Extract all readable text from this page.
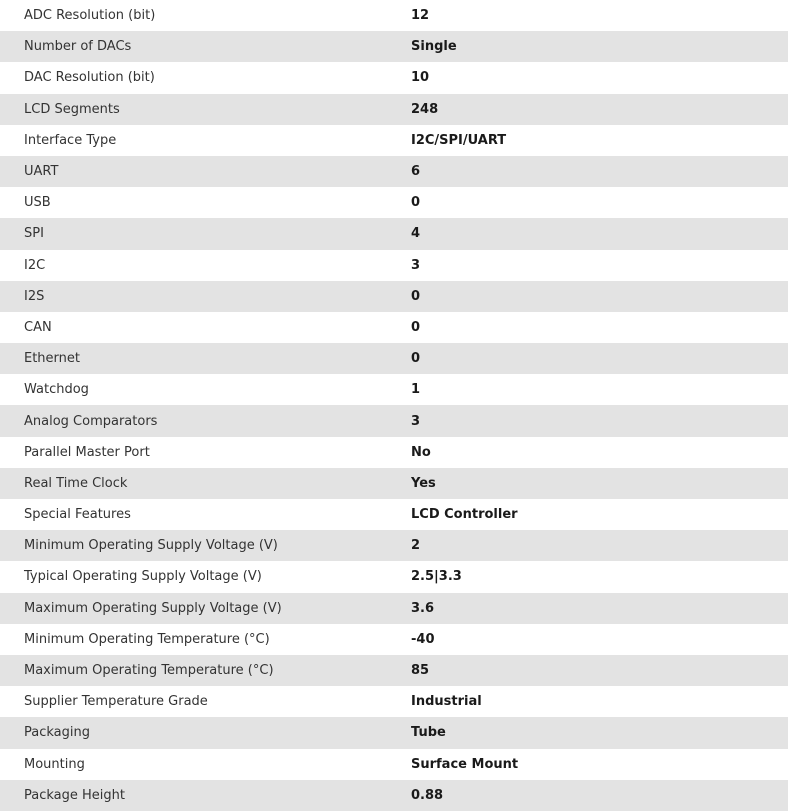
ADC Resolution (bit)	12
Number of DACs	Single
DAC Resolution (bit)	10
LCD Segments	248
Interface Type	I2C/SPI/UART
UART	6
USB	0
SPI	4
I2C	3
I2S	0
CAN	0
Ethernet	0
Watchdog	1
Analog Comparators	3
Parallel Master Port	No
Real Time Clock	Yes
Special Features	LCD Controller
Minimum Operating Supply Voltage (V)	2
Typical Operating Supply Voltage (V)	2.5|3.3
Maximum Operating Supply Voltage (V)	3.6
Minimum Operating Temperature (°C)	-40
Maximum Operating Temperature (°C)	85
Supplier Temperature Grade	Industrial
Packaging	Tube
Mounting	Surface Mount
Package Height	0.88
